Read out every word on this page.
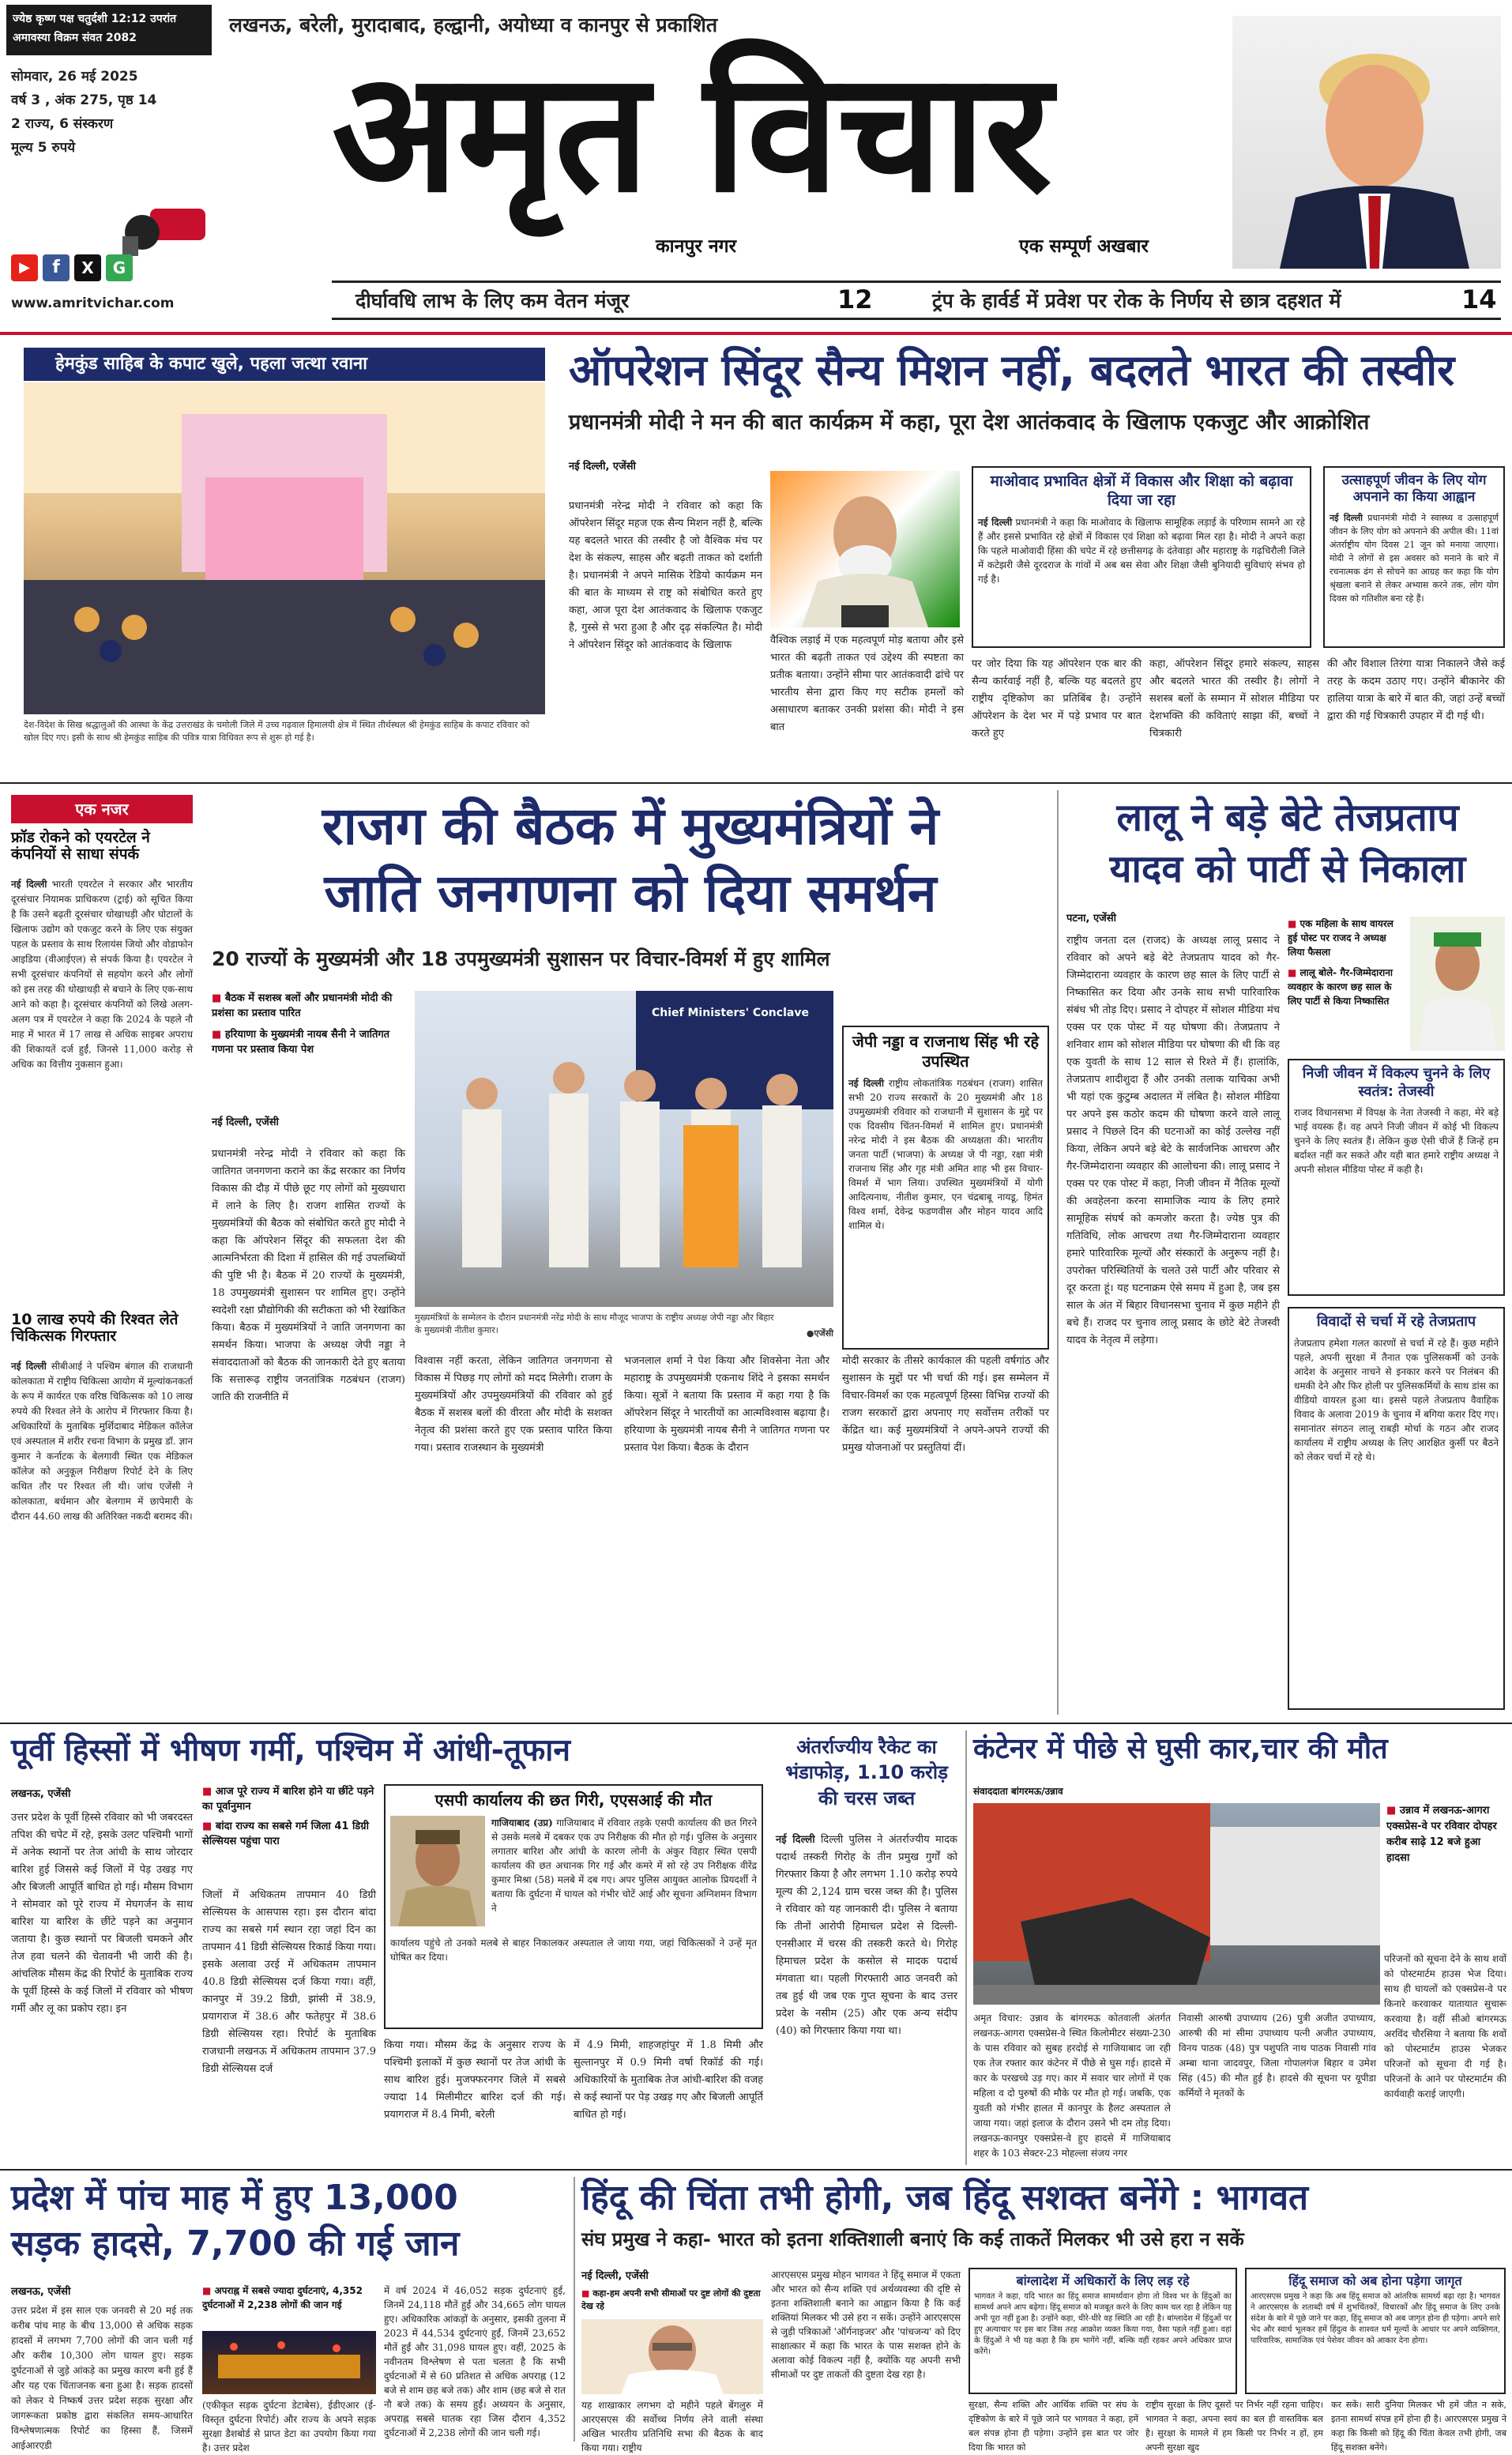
ज्येष्ठ कृष्ण पक्ष चतुर्दशी 12:12 उपरांत
अमावस्या विक्रम संवत 2082
लखनऊ, बरेली, मुरादाबाद, हल्द्वानी, अयोध्या व कानपुर से प्रकाशित
सोमवार, 26 मई 2025
वर्ष 3 , अंक 275, पृष्ठ 14
2 राज्य, 6 संस्करण
मूल्य 5 रुपये
▶	f	X	G
www.amritvichar.com
अमृत विचार
कानपुर नगर	एक सम्पूर्ण अखबार
दीर्घावधि लाभ के लिए कम वेतन मंजूर	12	ट्रंप के हार्वर्ड में प्रवेश पर रोक के निर्णय से छात्र दहशत में	14
हेमकुंड साहिब के कपाट खुले, पहला जत्था रवाना
देश-विदेश के सिख श्रद्धालुओं की आस्था के केंद्र उत्तराखंड के चमोली जिले में उच्च गढ़वाल हिमालयी क्षेत्र में स्थित तीर्थस्थल श्री हेमकुंड साहिब के कपाट रविवार को खोल दिए गए। इसी के साथ श्री हेमकुंड साहिब की पवित्र यात्रा विधिवत रूप से शुरू हो गई है।
ऑपरेशन सिंदूर सैन्य मिशन नहीं, बदलते भारत की तस्वीर
प्रधानमंत्री मोदी ने मन की बात कार्यक्रम में कहा, पूरा देश आतंकवाद के खिलाफ एकजुट और आक्रोशित
नई दिल्ली, एजेंसी
प्रधानमंत्री नरेन्द्र मोदी ने रविवार को कहा कि ऑपरेशन सिंदूर महज एक सैन्य मिशन नहीं है, बल्कि यह बदलते भारत की तस्वीर है जो वैश्विक मंच पर देश के संकल्प, साहस और बढ़ती ताकत को दर्शाती है। प्रधानमंत्री ने अपने मासिक रेडियो कार्यक्रम मन की बात के माध्यम से राष्ट्र को संबोधित करते हुए कहा, आज पूरा देश आतंकवाद के खिलाफ एकजुट है, गुस्से से भरा हुआ है और दृढ़ संकल्पित है। मोदी ने ऑपरेशन सिंदूर को आतंकवाद के खिलाफ	वैश्विक लड़ाई में एक महत्वपूर्ण मोड़ बताया और इसे भारत की बढ़ती ताकत एवं उद्देश्य की स्पष्टता का प्रतीक बताया। उन्होंने सीमा पार आतंकवादी ढांचे पर भारतीय सेना द्वारा किए गए सटीक हमलों को असाधारण बताकर उनकी प्रशंसा की। मोदी ने इस बात
पर जोर दिया कि यह ऑपरेशन एक बार की सैन्य कार्रवाई नहीं है, बल्कि यह बदलते हुए राष्ट्रीय दृष्टिकोण का प्रतिबिंब है। उन्होंने ऑपरेशन के देश भर में पड़े प्रभाव पर बात करते हुए
कहा, ऑपरेशन सिंदूर हमारे संकल्प, साहस और बदलते भारत की तस्वीर है। लोगों ने सशस्त्र बलों के सम्मान में सोशल मीडिया पर देशभक्ति की कविताएं साझा कीं, बच्चों ने चित्रकारी
की और विशाल तिरंगा यात्रा निकालने जैसे कई तरह के कदम उठाए गए। उन्होंने बीकानेर की हालिया यात्रा के बारे में बात की, जहां उन्हें बच्चों द्वारा की गई चित्रकारी उपहार में दी गई थी।
माओवाद प्रभावित क्षेत्रों में विकास और शिक्षा को बढ़ावा दिया जा रहा
नई दिल्ली प्रधानमंत्री ने कहा कि माओवाद के खिलाफ सामूहिक लड़ाई के परिणाम सामने आ रहे हैं और इससे प्रभावित रहे क्षेत्रों में विकास एवं शिक्षा को बढ़ावा मिल रहा है। मोदी ने अपने कहा कि पहले माओवादी हिंसा की चपेट में रहे छत्तीसगढ़ के दंतेवाड़ा और महाराष्ट्र के गढ़चिरौली जिले में कटेझरी जैसे दूरदराज के गांवों में अब बस सेवा और शिक्षा जैसी बुनियादी सुविधाएं संभव हो गई है।
उत्साहपूर्ण जीवन के लिए योग अपनाने का किया आह्वान
नई दिल्ली प्रधानमंत्री मोदी ने स्वास्थ्य व उत्साहपूर्ण जीवन के लिए योग को अपनाने की अपील की। 11वां अंतर्राष्ट्रीय योग दिवस 21 जून को मनाया जाएगा। मोदी ने लोगों से इस अवसर को मनाने के बारे में रचनात्मक ढंग से सोचने का आग्रह कर कहा कि योग श्रृंखला बनाने से लेकर अभ्यास करने तक, लोग योग दिवस को गतिशील बना रहे हैं।
एक नजर
फ्रॉड रोकने को एयरटेल ने कंपनियों से साधा संपर्क
नई दिल्ली भारती एयरटेल ने सरकार और भारतीय दूरसंचार नियामक प्राधिकरण (ट्राई) को सूचित किया है कि उसने बढ़ती दूरसंचार धोखाधड़ी और घोटालों के खिलाफ उद्योग को एकजुट करने के लिए एक संयुक्त पहल के प्रस्ताव के साथ रिलायंस जियो और वोडाफोन आइडिया (वीआईएल) से संपर्क किया है। एयरटेल ने सभी दूरसंचार कंपनियों से सहयोग करने और लोगों को इस तरह की धोखाधड़ी से बचाने के लिए एक-साथ आने को कहा है। दूरसंचार कंपनियों को लिखे अलग-अलग पत्र में एयरटेल ने कहा कि 2024 के पहले नौ माह में भारत में 17 लाख से अधिक साइबर अपराध की शिकायतें दर्ज हुईं, जिनसे 11,000 करोड़ से अधिक का वित्तीय नुकसान हुआ।
10 लाख रुपये की रिश्वत लेते चिकित्सक गिरफ्तार
नई दिल्ली सीबीआई ने पश्चिम बंगाल की राजधानी कोलकाता में राष्ट्रीय चिकित्सा आयोग में मूल्यांकनकर्ता के रूप में कार्यरत एक वरिष्ठ चिकित्सक को 10 लाख रुपये की रिश्वत लेने के आरोप में गिरफ्तार किया है। अधिकारियों के मुताबिक मुर्शिदाबाद मेडिकल कॉलेज एवं अस्पताल में शरीर रचना विभाग के प्रमुख डॉ. ज्ञान कुमार ने कर्नाटक के बेलगावी स्थित एक मेडिकल कॉलेज को अनुकूल निरीक्षण रिपोर्ट देने के लिए कथित तौर पर रिश्वत ली थी। जांच एजेंसी ने कोलकाता, बर्धमान और बेलगाम में छापेमारी के दौरान 44.60 लाख की अतिरिक्त नकदी बरामद की।
राजग की बैठक में मुख्यमंत्रियों ने
जाति जनगणना को दिया समर्थन
20 राज्यों के मुख्यमंत्री और 18 उपमुख्यमंत्री सुशासन पर विचार-विमर्श में हुए शामिल
■ बैठक में सशस्त्र बलों और प्रधानमंत्री मोदी की प्रशंसा का प्रस्ताव पारित
■ हरियाणा के मुख्यमंत्री नायब सैनी ने जातिगत गणना पर प्रस्ताव किया पेश
नई दिल्ली, एजेंसी
प्रधानमंत्री नरेन्द्र मोदी ने रविवार को कहा कि जातिगत जनगणना कराने का केंद्र सरकार का निर्णय विकास की दौड़ में पीछे छूट गए लोगों को मुख्यधारा में लाने के लिए है। राजग शासित राज्यों के मुख्यमंत्रियों की बैठक को संबोधित करते हुए मोदी ने कहा कि ऑपरेशन सिंदूर की सफलता देश की आत्मनिर्भरता की दिशा में हासिल की गई उपलब्धियों की पुष्टि भी है। बैठक में 20 राज्यों के मुख्यमंत्री, 18 उपमुख्यमंत्री सुशासन पर शामिल हुए। उन्होंने स्वदेशी रक्षा प्रौद्योगिकी की सटीकता को भी रेखांकित किया। बैठक में मुख्यमंत्रियों ने जाति जनगणना का समर्थन किया। भाजपा के अध्यक्ष जेपी नड्डा ने संवाददाताओं को बैठक की जानकारी देते हुए बताया कि सत्तारूढ़ राष्ट्रीय जनतांत्रिक गठबंधन (राजग) जाति की राजनीति में
Chief Ministers' Conclave
मुख्यमंत्रियों के सम्मेलन के दौरान प्रधानमंत्री नरेंद्र मोदी के साथ मौजूद भाजपा के राष्ट्रीय अध्यक्ष जेपी नड्डा और बिहार के मुख्यमंत्री नीतीश कुमार।	●एजेंसी
विश्वास नहीं करता, लेकिन जातिगत जनगणना से विकास में पिछड़ गए लोगों को मदद मिलेगी। राजग के मुख्यमंत्रियों और उपमुख्यमंत्रियों की रविवार को हुई बैठक में सशस्त्र बलों की वीरता और मोदी के सशक्त नेतृत्व की प्रशंसा करते हुए एक प्रस्ताव पारित किया गया। प्रस्ताव राजस्थान के मुख्यमंत्री
भजनलाल शर्मा ने पेश किया और शिवसेना नेता और महाराष्ट्र के उपमुख्यमंत्री एकनाथ शिंदे ने इसका समर्थन किया। सूत्रों ने बताया कि प्रस्ताव में कहा गया है कि ऑपरेशन सिंदूर ने भारतीयों का आत्मविश्वास बढ़ाया है। हरियाणा के मुख्यमंत्री नायब सैनी ने जातिगत गणना पर प्रस्ताव पेश किया। बैठक के दौरान
जेपी नड्डा व राजनाथ सिंह भी रहे उपस्थित
नई दिल्ली राष्ट्रीय लोकतांत्रिक गठबंधन (राजग) शासित सभी 20 राज्य सरकारों के 20 मुख्यमंत्री और 18 उपमुख्यमंत्री रविवार को राजधानी में सुशासन के मुद्दे पर एक दिवसीय चिंतन-विमर्श में शामिल हुए। प्रधानमंत्री नरेन्द्र मोदी ने इस बैठक की अध्यक्षता की। भारतीय जनता पार्टी (भाजपा) के अध्यक्ष जे पी नड्डा, रक्षा मंत्री राजनाथ सिंह और गृह मंत्री अमित शाह भी इस विचार-विमर्श में भाग लिया। उपस्थित मुख्यमंत्रियों में योगी आदित्यनाथ, नीतीश कुमार, एन चंद्रबाबू नायडू, हिमंत विश्व शर्मा, देवेन्द्र फडणवीस और मोहन यादव आदि शामिल थे।
मोदी सरकार के तीसरे कार्यकाल की पहली वर्षगांठ और सुशासन के मुद्दों पर भी चर्चा की गई। इस सम्मेलन में विचार-विमर्श का एक महत्वपूर्ण हिस्सा विभिन्न राज्यों की राजग सरकारों द्वारा अपनाए गए सर्वोत्तम तरीकों पर केंद्रित था। कई मुख्यमंत्रियों ने अपने-अपने राज्यों की प्रमुख योजनाओं पर प्रस्तुतियां दीं।
लालू ने बड़े बेटे तेजप्रताप
यादव को पार्टी से निकाला
पटना, एजेंसी
राष्ट्रीय जनता दल (राजद) के अध्यक्ष लालू प्रसाद ने रविवार को अपने बड़े बेटे तेजप्रताप यादव को गैर-जिम्मेदाराना व्यवहार के कारण छह साल के लिए पार्टी से निष्कासित कर दिया और उनके साथ सभी पारिवारिक संबंध भी तोड़ दिए। प्रसाद ने दोपहर में सोशल मीडिया मंच एक्स पर एक पोस्ट में यह घोषणा की। तेजप्रताप ने शनिवार शाम को सोशल मीडिया पर घोषणा की थी कि वह एक युवती के साथ 12 साल से रिश्ते में हैं। हालांकि, तेजप्रताप शादीशुदा हैं और उनकी तलाक याचिका अभी भी यहां एक कुटुम्ब अदालत में लंबित है। सोशल मीडिया पर अपने इस कठोर कदम की घोषणा करने वाले लालू प्रसाद ने पिछले दिन की घटनाओं का कोई उल्लेख नहीं किया, लेकिन अपने बड़े बेटे के सार्वजनिक आचरण और गैर-जिम्मेदाराना व्यवहार की आलोचना की। लालू प्रसाद ने एक्स पर एक पोस्ट में कहा, निजी जीवन में नैतिक मूल्यों की अवहेलना करना सामाजिक न्याय के लिए हमारे सामूहिक संघर्ष को कमजोर करता है। ज्येष्ठ पुत्र की गतिविधि, लोक आचरण तथा गैर-जिम्मेदाराना व्यवहार हमारे पारिवारिक मूल्यों और संस्कारों के अनुरूप नहीं है। उपरोक्त परिस्थितियों के चलते उसे पार्टी और परिवार से दूर करता हूं। यह घटनाक्रम ऐसे समय में हुआ है, जब इस साल के अंत में बिहार विधानसभा चुनाव में कुछ महीने ही बचे हैं। राजद पर चुनाव लालू प्रसाद के छोटे बेटे तेजस्वी यादव के नेतृत्व में लड़ेगा।
■ एक महिला के साथ वायरल हुई पोस्ट पर राजद ने अध्यक्ष लिया फैसला
■ लालू बोले- गैर-जिम्मेदाराना व्यवहार के कारण छह साल के लिए पार्टी से किया निष्कासित
निजी जीवन में विकल्प चुनने के लिए स्वतंत्र: तेजस्वी
राजद विधानसभा में विपक्ष के नेता तेजस्वी ने कहा, मेरे बड़े भाई वयस्क हैं। वह अपने निजी जीवन में कोई भी विकल्प चुनने के लिए स्वतंत्र हैं। लेकिन कुछ ऐसी चीजें हैं जिन्हें हम बर्दाश्त नहीं कर सकते और यही बात हमारे राष्ट्रीय अध्यक्ष ने अपनी सोशल मीडिया पोस्ट में कही है।
विवादों से चर्चा में रहे तेजप्रताप
तेजप्रताप हमेशा गलत कारणों से चर्चा में रहे हैं। कुछ महीने पहले, अपनी सुरक्षा में तैनात एक पुलिसकर्मी को उनके आदेश के अनुसार नाचने से इनकार करने पर निलंबन की धमकी देने और फिर होली पर पुलिसकर्मियों के साथ डांस का वीडियो वायरल हुआ था। इससे पहले तेजप्रताप वैवाहिक विवाद के अलावा 2019 के चुनाव में बगिया करार दिए गए। समानांतर संगठन लालू राबड़ी मोर्चा के गठन और राजद कार्यालय में राष्ट्रीय अध्यक्ष के लिए आरक्षित कुर्सी पर बैठने को लेकर चर्चा में रहे थे।
पूर्वी हिस्सों में भीषण गर्मी, पश्चिम में आंधी-तूफान
लखनऊ, एजेंसी
उत्तर प्रदेश के पूर्वी हिस्से रविवार को भी जबरदस्त तपिश की चपेट में रहे, इसके उलट पश्चिमी भागों में अनेक स्थानों पर तेज आंधी के साथ जोरदार बारिश हुई जिससे कई जिलों में पेड़ उखड़ गए और बिजली आपूर्ति बाधित हो गई। मौसम विभाग ने सोमवार को पूरे राज्य में मेघगर्जन के साथ बारिश या बारिश के छींटे पड़ने का अनुमान जताया है। कुछ स्थानों पर बिजली चमकने और तेज हवा चलने की चेतावनी भी जारी की है। आंचलिक मौसम केंद्र की रिपोर्ट के मुताबिक राज्य के पूर्वी हिस्से के कई जिलों में रविवार को भीषण गर्मी और लू का प्रकोप रहा। इन
■ आज पूरे राज्य में बारिश होने या छींटे पड़ने का पूर्वानुमान
■ बांदा राज्य का सबसे गर्म जिला 41 डिग्री सेल्सियस पहुंचा पारा
जिलों में अधिकतम तापमान 40 डिग्री सेल्सियस के आसपास रहा। इस दौरान बांदा राज्य का सबसे गर्म स्थान रहा जहां दिन का तापमान 41 डिग्री सेल्सियस रिकार्ड किया गया। इसके अलावा उरई में अधिकतम तापमान 40.8 डिग्री सेल्सियस दर्ज किया गया। वहीं, कानपुर में 39.2 डिग्री, झांसी में 38.9, प्रयागराज में 38.6 और फतेहपुर में 38.6 डिग्री सेल्सियस रहा। रिपोर्ट के मुताबिक राजधानी लखनऊ में अधिकतम तापमान 37.9 डिग्री सेल्सियस दर्ज
किया गया। मौसम केंद्र के अनुसार राज्य के पश्चिमी इलाकों में कुछ स्थानों पर तेज आंधी के साथ बारिश हुई। मुजफ्फरनगर जिले में सबसे ज्यादा 14 मिलीमीटर बारिश दर्ज की गई। प्रयागराज में 8.4 मिमी, बरेली
में 4.9 मिमी, शाहजहांपुर में 1.8 मिमी और सुल्तानपुर में 0.9 मिमी वर्षा रिकॉर्ड की गई। अधिकारियों के मुताबिक तेज आंधी-बारिश की वजह से कई स्थानों पर पेड़ उखड़ गए और बिजली आपूर्ति बाधित हो गई।
एसपी कार्यालय की छत गिरी, एएसआई की मौत
गाजियाबाद (उप्र) गाजियाबाद में रविवार तड़के एसपी कार्यालय की छत गिरने से उसके मलबे में दबकर एक उप निरीक्षक की मौत हो गई। पुलिस के अनुसार लगातार बारिश और आंधी के कारण लोनी के अंकुर विहार स्थित एसपी कार्यालय की छत अचानक गिर गई और कमरे में सो रहे उप निरीक्षक वीरेंद्र कुमार मिश्रा (58) मलबे में दब गए। अपर पुलिस आयुक्त आलोक प्रियदर्शी ने बताया कि दुर्घटना में घायल को गंभीर चोटें आई और सूचना अग्निशमन विभाग ने
कार्यालय पहुंचे तो उनको मलबे से बाहर निकालकर अस्पताल ले जाया गया, जहां चिकित्सकों ने उन्हें मृत घोषित कर दिया।
अंतर्राज्यीय रैकेट का भंडाफोड़, 1.10 करोड़ की चरस जब्त
नई दिल्ली दिल्ली पुलिस ने अंतर्राज्यीय मादक पदार्थ तस्करी गिरोह के तीन प्रमुख गुर्गों को गिरफ्तार किया है और लगभग 1.10 करोड़ रुपये मूल्य की 2,124 ग्राम चरस जब्त की है। पुलिस ने रविवार को यह जानकारी दी। पुलिस ने बताया कि तीनों आरोपी हिमाचल प्रदेश से दिल्ली-एनसीआर में चरस की तस्करी करते थे। गिरोह हिमाचल प्रदेश के कसोल से मादक पदार्थ मंगवाता था। पहली गिरफ्तारी आठ जनवरी को तब हुई थी जब एक गुप्त सूचना के बाद उत्तर प्रदेश के नसीम (25) और एक अन्य संदीप (40) को गिरफ्तार किया गया था।
कंटेनर में पीछे से घुसी कार,चार की मौत
संवाददाता बांगरमऊ/उन्नाव
■ उन्नाव में लखनऊ-आगरा एक्सप्रेस-वे पर रविवार दोपहर करीब साढ़े 12 बजे हुआ हादसा
अमृत विचार: उन्नाव के बांगरमऊ कोतवाली अंतर्गत लखनऊ-आगरा एक्सप्रेस-वे स्थित किलोमीटर संख्या-230 के पास रविवार को सुबह हरदोई से गाजियाबाद जा रही एक तेज रफ्तार कार कंटेनर में पीछे से घुस गई। हादसे में कार के परखच्चे उड़ गए। कार में सवार चार लोगों में एक महिला व दो पुरुषों की मौके पर मौत हो गई। जबकि, एक युवती को गंभीर हालत में कानपुर के हैलट अस्पताल ले जाया गया। जहां इलाज के दौरान उसने भी दम तोड़ दिया। लखनऊ-कानपुर एक्सप्रेस-वे हुए हादसे में गाजियाबाद शहर के 103 सेक्टर-23 मोहल्ला संजय नगर
निवासी आरुषी उपाध्याय (26) पुत्री अजीत उपाध्याय, आरुषी की मां सीमा उपाध्याय पत्नी अजीत उपाध्याय, विनय पाठक (48) पुत्र पशुपति नाथ पाठक निवासी गांव अम्बा थाना जादवपुर, जिला गोपालगंज बिहार व उमेश सिंह (45) की मौत हुई है। हादसे की सूचना पर यूपीडा कर्मियों ने मृतकों के
परिजनों को सूचना देने के साथ शवों को पोस्टमार्टम हाउस भेज दिया। साथ ही घायलों को एक्सप्रेस-वे पर किनारे करवाकर यातायात सुचारू करवाया है। वहीं सीओ बांगरमऊ अरविंद चौरसिया ने बताया कि शवों को पोस्टमार्टम हाउस भेजकर परिजनों को सूचना दी गई है। परिजनों के आने पर पोस्टमार्टम की कार्यवाही कराई जाएगी।
प्रदेश में पांच माह में हुए 13,000
सड़क हादसे, 7,700 की गई जान
लखनऊ, एजेंसी
उत्तर प्रदेश में इस साल एक जनवरी से 20 मई तक करीब पांच माह के बीच 13,000 से अधिक सड़क हादसों में लगभग 7,700 लोगों की जान चली गई और करीब 10,300 लोग घायल हुए। सड़क दुर्घटनाओं से जुड़े आंकड़े का प्रमुख कारण बनी हुई हैं और यह एक चिंताजनक बना हुआ है। सड़क हादसों को लेकर ये निष्कर्ष उत्तर प्रदेश सड़क सुरक्षा और जागरूकता प्रकोष्ठ द्वारा संकलित समय-आधारित विश्लेषणात्मक रिपोर्ट का हिस्सा हैं, जिसमें आईआरएडी
■ अपराह्न में सबसे ज्यादा दुर्घटनाएं, 4,352 दुर्घटनाओं में 2,238 लोगों की जान गई
(एकीकृत सड़क दुर्घटना डेटाबेस), ईडीएआर (ई-विस्तृत दुर्घटना रिपोर्ट) और राज्य के अपने सड़क सुरक्षा डैशबोर्ड से प्राप्त डेटा का उपयोग किया गया है। उत्तर प्रदेश
में वर्ष 2024 में 46,052 सड़क दुर्घटनाएं हुई, जिनमें 24,118 मौतें हुईं और 34,665 लोग घायल हुए। अधिकारिक आंकड़ों के अनुसार, इसकी तुलना में 2023 में 44,534 दुर्घटनाएं हुईं, जिनमें 23,652 मौतें हुईं और 31,098 घायल हुए। वहीं, 2025 के नवीनतम विश्लेषण से पता चलता है कि सभी दुर्घटनाओं में से 60 प्रतिशत से अधिक अपराह्न (12 बजे से शाम छह बजे तक) और शाम (छह बजे से रात नौ बजे तक) के समय हुईं। अध्ययन के अनुसार, अपराह्न सबसे घातक रहा जिस दौरान 4,352 दुर्घटनाओं में 2,238 लोगों की जान चली गई।
हिंदू की चिंता तभी होगी, जब हिंदू सशक्त बनेंगे : भागवत
संघ प्रमुख ने कहा- भारत को इतना शक्तिशाली बनाएं कि कई ताकतें मिलकर भी उसे हरा न सकें
नई दिल्ली, एजेंसी
■ कहा-हम अपनी सभी सीमाओं पर दुष्ट लोगों की दुष्टता देख रहे
यह शाखाकार लगभग दो महीने पहले बेंगलुरु में आरएसएस की सर्वोच्च निर्णय लेने वाली संस्था अखिल भारतीय प्रतिनिधि सभा की बैठक के बाद किया गया। राष्ट्रीय
आरएसएस प्रमुख मोहन भागवत ने हिंदू समाज में एकता और भारत को सैन्य शक्ति एवं अर्थव्यवस्था की दृष्टि से इतना शक्तिशाली बनाने का आह्वान किया है कि कई शक्तियां मिलकर भी उसे हरा न सकें। उन्होंने आरएसएस से जुड़ी पत्रिकाओं 'ऑर्गनाइजर' और 'पांचजन्य' को दिए साक्षात्कार में कहा कि भारत के पास सशक्त होने के अलावा कोई विकल्प नहीं है, क्योंकि यह अपनी सभी सीमाओं पर दुष्ट ताकतों की दुष्टता देख रहा है।
बांग्लादेश में अधिकारों के लिए लड़ रहे
भागवत ने कहा, यदि भारत का हिंदू समाज सामर्थ्यवान होगा तो विश्व भर के हिंदुओं का सामर्थ्य अपने आप बढ़ेगा। हिंदू समाज को मजबूत करने के लिए काम चल रहा है लेकिन यह अभी पूरा नहीं हुआ है। उन्होंने कहा, धीरे-धीरे वह स्थिति आ रही है। बांग्लादेश में हिंदुओं पर हुए अत्याचार पर इस बार जिस तरह आक्रोश व्यक्त किया गया, वैसा पहले नहीं हुआ। वहां के हिंदुओं ने भी यह कहा है कि हम भागेंगे नहीं, बल्कि वहीं रहकर अपने अधिकार प्राप्त करेंगे।
हिंदू समाज को अब होना पड़ेगा जागृत
आरएसएस प्रमुख ने कहा कि अब हिंदू समाज को आंतरिक सामर्थ्य बढ़ा रहा है। भागवत ने आरएसएस के शताब्दी वर्ष में शुभचिंतकों, विचारकों और हिंदू समाज के लिए उनके संदेश के बारे में पूछे जाने पर कहा, हिंदू समाज को अब जागृत होना ही पड़ेगा। अपने सारे भेद और स्वार्थ भूलकर हमें हिंदुत्व के शाश्वत धर्म मूल्यों के आधार पर अपने व्यक्तिगत, पारिवारिक, सामाजिक एवं पेशेवर जीवन को आकार देना होगा।
सुरक्षा, सैन्य शक्ति और आर्थिक शक्ति पर संघ के दृष्टिकोण के बारे में पूछे जाने पर भागवत ने कहा, हमें बल संपन्न होना ही पड़ेगा। उन्होंने इस बात पर जोर दिया कि भारत को
राष्ट्रीय सुरक्षा के लिए दूसरों पर निर्भर नहीं रहना चाहिए। भागवत ने कहा, अपना स्वयं का बल ही वास्तविक बल है। सुरक्षा के मामले में हम किसी पर निर्भर न हों, हम अपनी सुरक्षा खुद
कर सकें। सारी दुनिया मिलकर भी हमें जीत न सके, इतना सामर्थ्य संपन्न हमें होना ही है। आरएसएस प्रमुख ने कहा कि किसी को हिंदू की चिंता केवल तभी होगी, जब हिंदू सशक्त बनेंगे।
